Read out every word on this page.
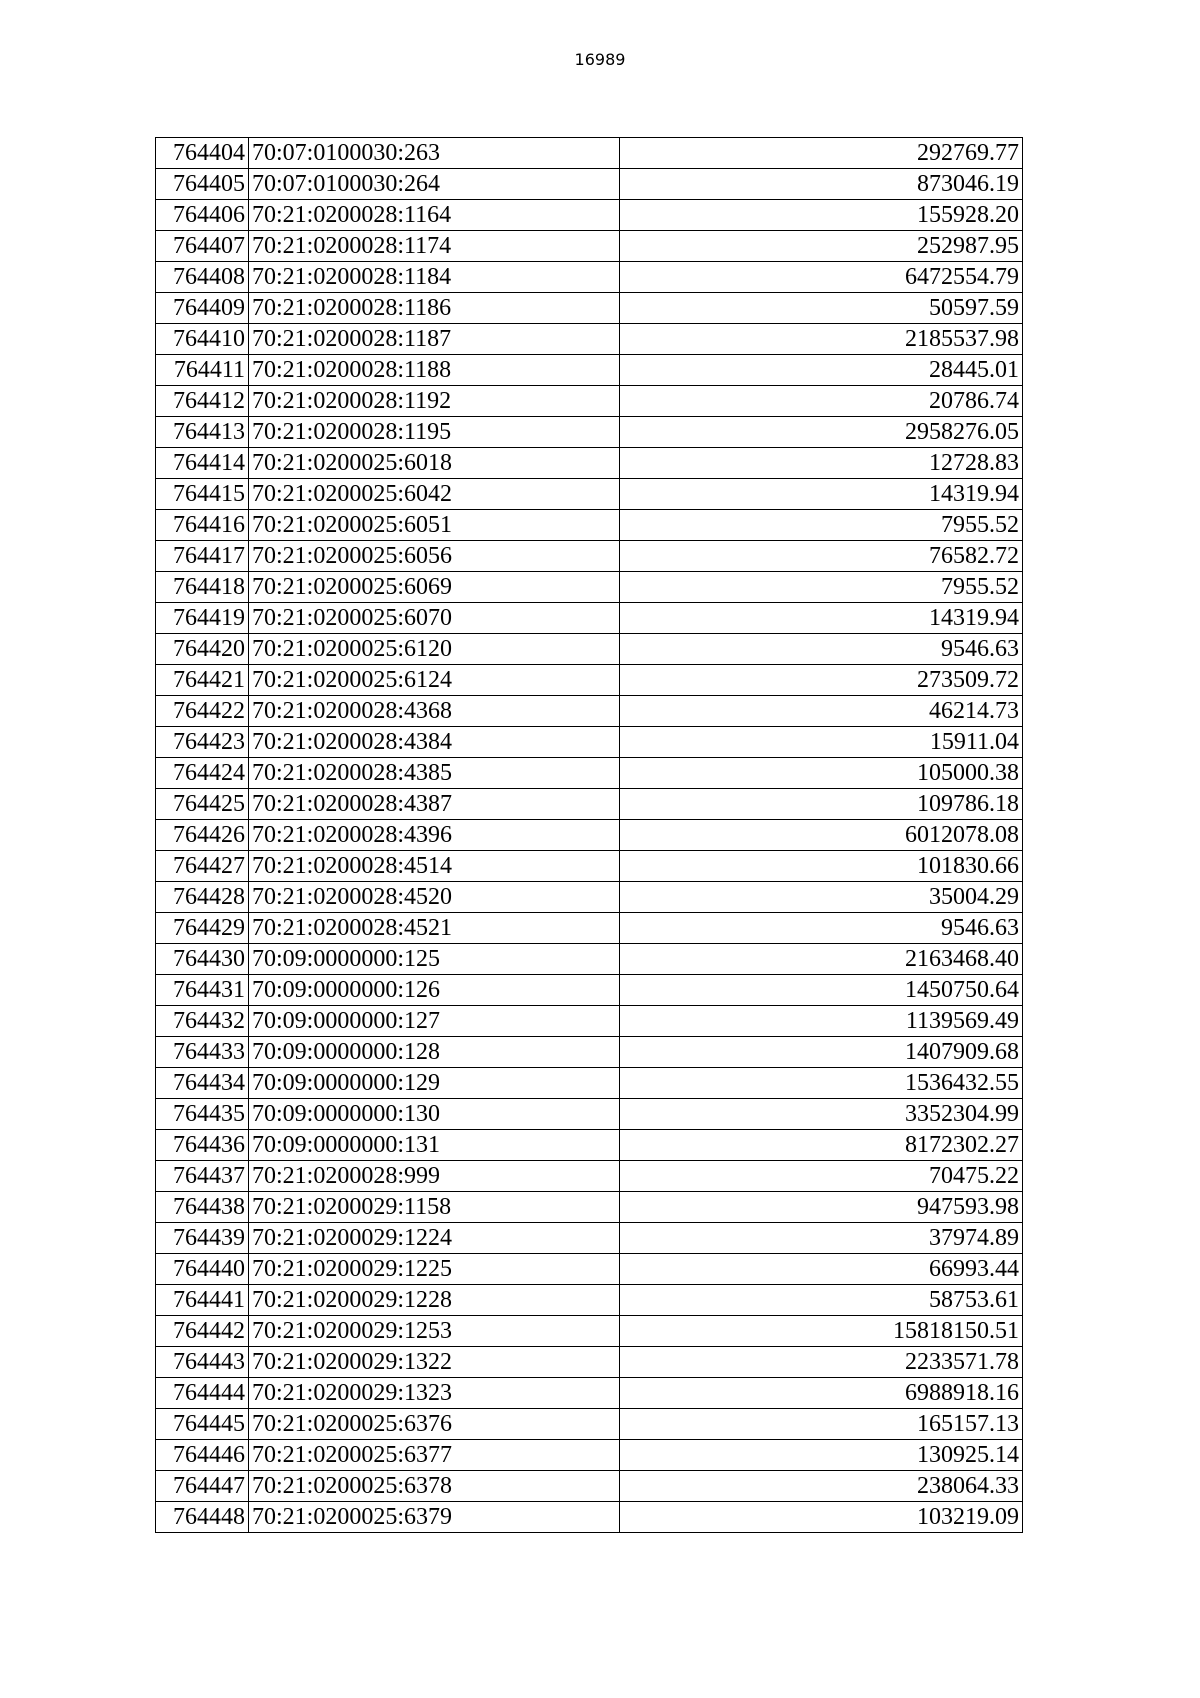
16989
764404	70:07:0100030:263	292769.77
764405	70:07:0100030:264	873046.19
764406	70:21:0200028:1164	155928.20
764407	70:21:0200028:1174	252987.95
764408	70:21:0200028:1184	6472554.79
764409	70:21:0200028:1186	50597.59
764410	70:21:0200028:1187	2185537.98
764411	70:21:0200028:1188	28445.01
764412	70:21:0200028:1192	20786.74
764413	70:21:0200028:1195	2958276.05
764414	70:21:0200025:6018	12728.83
764415	70:21:0200025:6042	14319.94
764416	70:21:0200025:6051	7955.52
764417	70:21:0200025:6056	76582.72
764418	70:21:0200025:6069	7955.52
764419	70:21:0200025:6070	14319.94
764420	70:21:0200025:6120	9546.63
764421	70:21:0200025:6124	273509.72
764422	70:21:0200028:4368	46214.73
764423	70:21:0200028:4384	15911.04
764424	70:21:0200028:4385	105000.38
764425	70:21:0200028:4387	109786.18
764426	70:21:0200028:4396	6012078.08
764427	70:21:0200028:4514	101830.66
764428	70:21:0200028:4520	35004.29
764429	70:21:0200028:4521	9546.63
764430	70:09:0000000:125	2163468.40
764431	70:09:0000000:126	1450750.64
764432	70:09:0000000:127	1139569.49
764433	70:09:0000000:128	1407909.68
764434	70:09:0000000:129	1536432.55
764435	70:09:0000000:130	3352304.99
764436	70:09:0000000:131	8172302.27
764437	70:21:0200028:999	70475.22
764438	70:21:0200029:1158	947593.98
764439	70:21:0200029:1224	37974.89
764440	70:21:0200029:1225	66993.44
764441	70:21:0200029:1228	58753.61
764442	70:21:0200029:1253	15818150.51
764443	70:21:0200029:1322	2233571.78
764444	70:21:0200029:1323	6988918.16
764445	70:21:0200025:6376	165157.13
764446	70:21:0200025:6377	130925.14
764447	70:21:0200025:6378	238064.33
764448	70:21:0200025:6379	103219.09
